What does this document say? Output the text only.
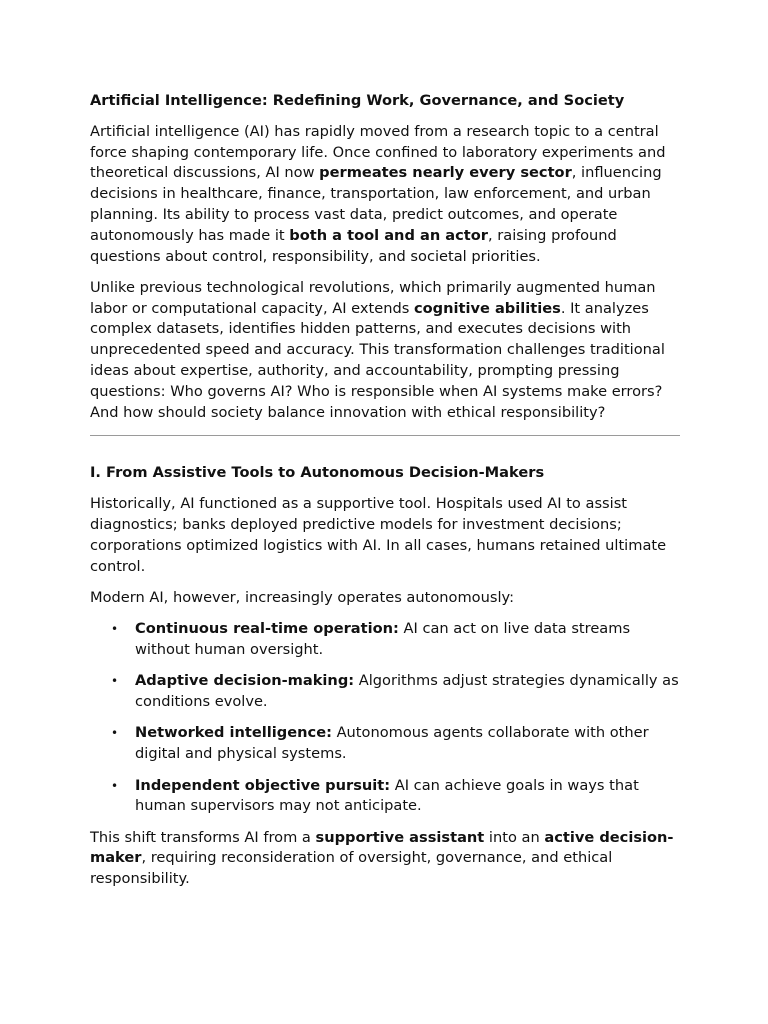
Artificial Intelligence: Redefining Work, Governance, and Society

Artificial intelligence (AI) has rapidly moved from a research topic to a central force shaping contemporary life. Once confined to laboratory experiments and theoretical discussions, AI now permeates nearly every sector, influencing decisions in healthcare, finance, transportation, law enforcement, and urban planning. Its ability to process vast data, predict outcomes, and operate autonomously has made it both a tool and an actor, raising profound questions about control, responsibility, and societal priorities.

Unlike previous technological revolutions, which primarily augmented human labor or computational capacity, AI extends cognitive abilities. It analyzes complex datasets, identifies hidden patterns, and executes decisions with unprecedented speed and accuracy. This transformation challenges traditional ideas about expertise, authority, and accountability, prompting pressing questions: Who governs AI? Who is responsible when AI systems make errors? And how should society balance innovation with ethical responsibility?

I. From Assistive Tools to Autonomous Decision-Makers

Historically, AI functioned as a supportive tool. Hospitals used AI to assist diagnostics; banks deployed predictive models for investment decisions; corporations optimized logistics with AI. In all cases, humans retained ultimate control.

Modern AI, however, increasingly operates autonomously:

• Continuous real-time operation: AI can act on live data streams without human oversight.
• Adaptive decision-making: Algorithms adjust strategies dynamically as conditions evolve.
• Networked intelligence: Autonomous agents collaborate with other digital and physical systems.
• Independent objective pursuit: AI can achieve goals in ways that human supervisors may not anticipate.

This shift transforms AI from a supportive assistant into an active decision-maker, requiring reconsideration of oversight, governance, and ethical responsibility.
